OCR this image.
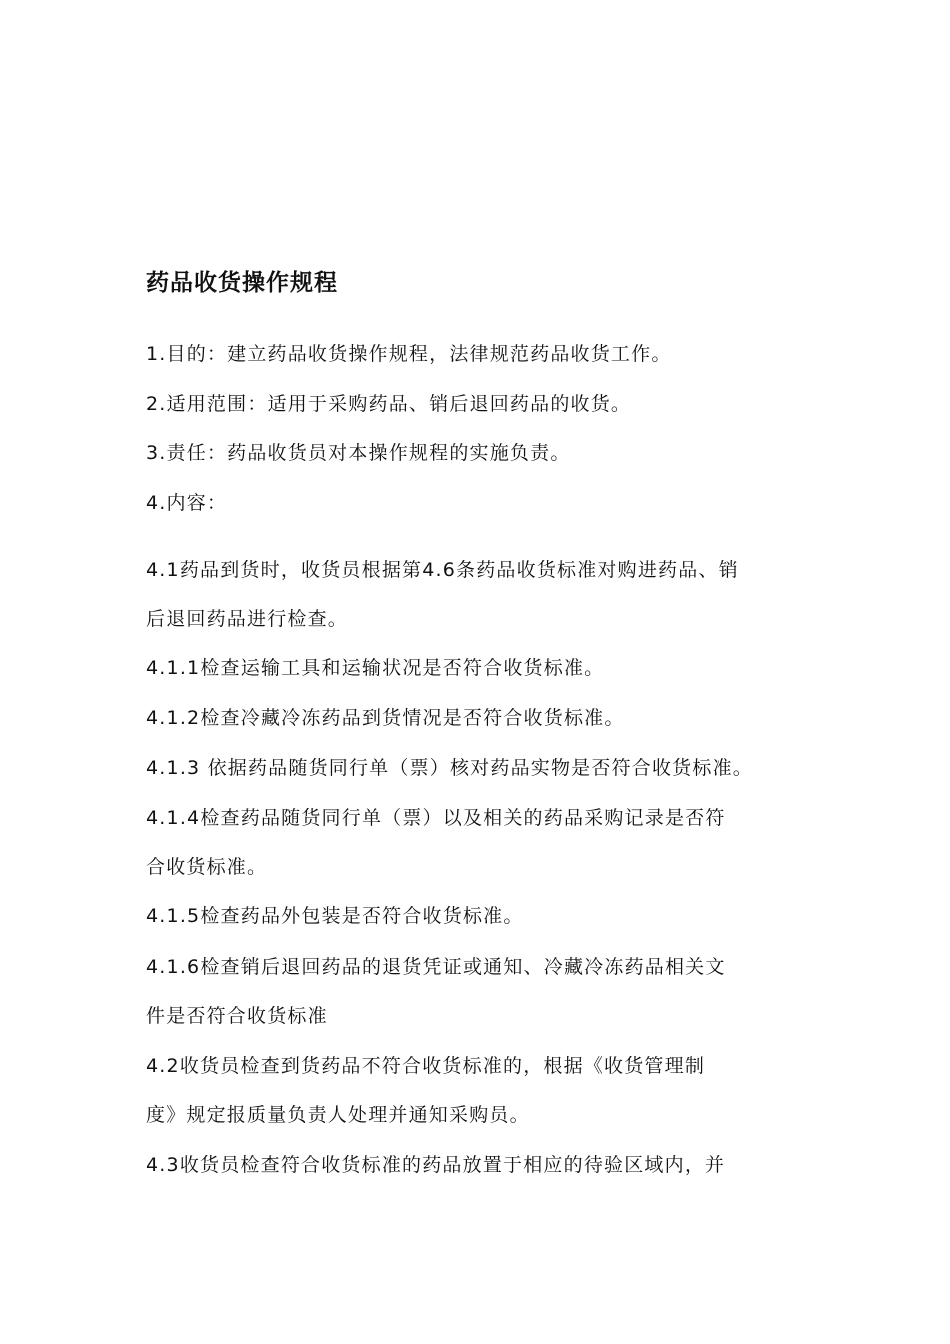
药品收货操作规程

1.目的：建立药品收货操作规程，法律规范药品收货工作。

2.适用范围：适用于采购药品、销后退回药品的收货。

3.责任：药品收货员对本操作规程的实施负责。

4.内容：

4.1药品到货时，收货员根据第4.6条药品收货标准对购进药品、销

后退回药品进行检查。

4.1.1检查运输工具和运输状况是否符合收货标准。

4.1.2检查冷藏冷冻药品到货情况是否符合收货标准。

4.1.3 依据药品随货同行单（票）核对药品实物是否符合收货标准。

4.1.4检查药品随货同行单（票）以及相关的药品采购记录是否符

合收货标准。

4.1.5检查药品外包装是否符合收货标准。

4.1.6检查销后退回药品的退货凭证或通知、冷藏冷冻药品相关文

件是否符合收货标准

4.2收货员检查到货药品不符合收货标准的，根据《收货管理制

度》规定报质量负责人处理并通知采购员。

4.3收货员检查符合收货标准的药品放置于相应的待验区域内，并
